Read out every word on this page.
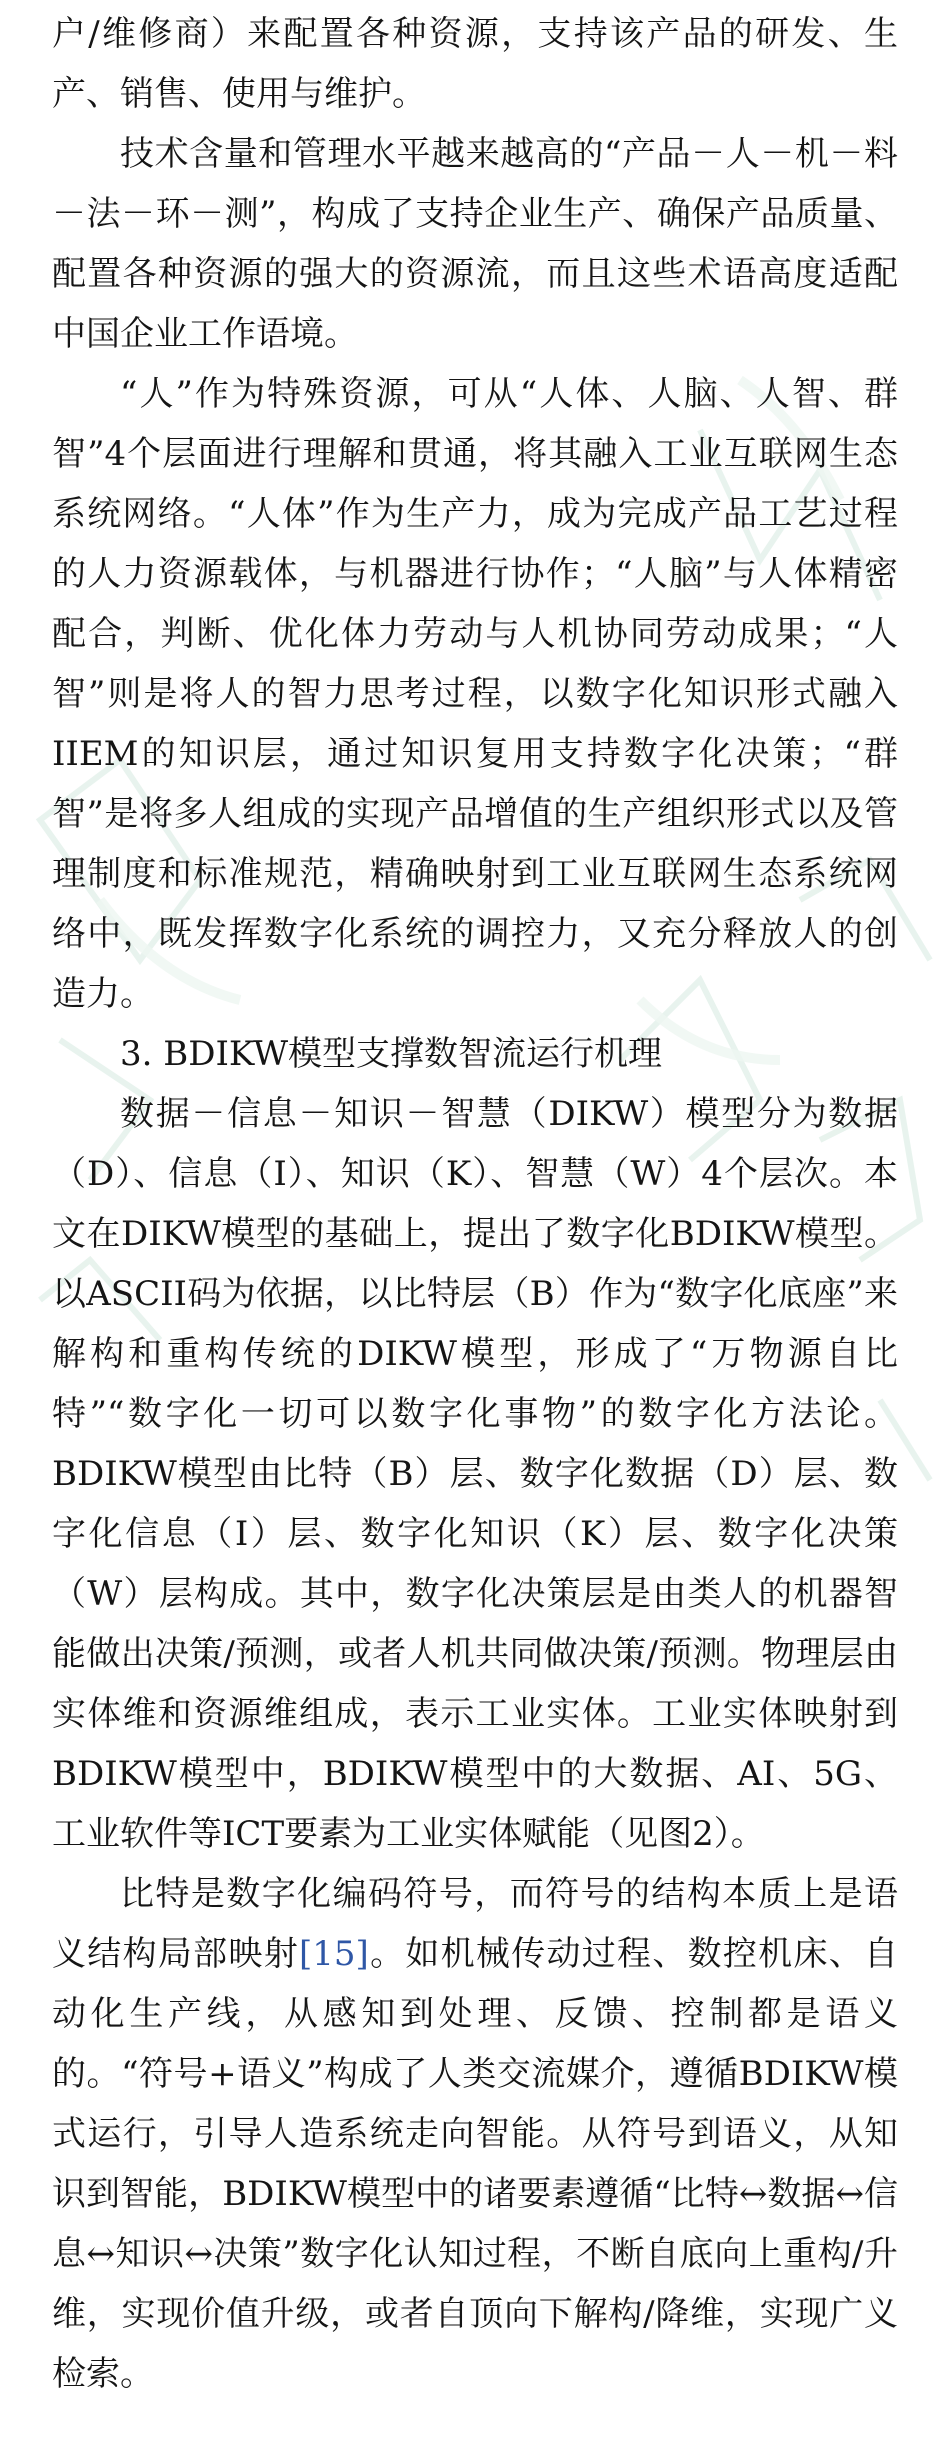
户/维修商）来配置各种资源，支持该产品的研发、生产、销售、使用与维护。

技术含量和管理水平越来越高的“产品－人－机－料－法－环－测”，构成了支持企业生产、确保产品质量、配置各种资源的强大的资源流，而且这些术语高度适配中国企业工作语境。

“人”作为特殊资源，可从“人体、人脑、人智、群智”4个层面进行理解和贯通，将其融入工业互联网生态系统网络。“人体”作为生产力，成为完成产品工艺过程的人力资源载体，与机器进行协作；“人脑”与人体精密配合，判断、优化体力劳动与人机协同劳动成果；“人智”则是将人的智力思考过程，以数字化知识形式融入IIEM的知识层，通过知识复用支持数字化决策；“群智”是将多人组成的实现产品增值的生产组织形式以及管理制度和标准规范，精确映射到工业互联网生态系统网络中，既发挥数字化系统的调控力，又充分释放人的创造力。

3. BDIKW模型支撑数智流运行机理

数据－信息－知识－智慧（DIKW）模型分为数据（D）、信息（I）、知识（K）、智慧（W）4个层次。本文在DIKW模型的基础上，提出了数字化BDIKW模型。以ASCII码为依据，以比特层（B）作为“数字化底座”来解构和重构传统的DIKW模型，形成了“万物源自比特”“数字化一切可以数字化事物”的数字化方法论。BDIKW模型由比特（B）层、数字化数据（D）层、数字化信息（I）层、数字化知识（K）层、数字化决策（W）层构成。其中，数字化决策层是由类人的机器智能做出决策/预测，或者人机共同做决策/预测。物理层由实体维和资源维组成，表示工业实体。工业实体映射到BDIKW模型中，BDIKW模型中的大数据、AI、5G、工业软件等ICT要素为工业实体赋能（见图2）。

比特是数字化编码符号，而符号的结构本质上是语义结构局部映射[15]。如机械传动过程、数控机床、自动化生产线，从感知到处理、反馈、控制都是语义的。“符号+语义”构成了人类交流媒介，遵循BDIKW模式运行，引导人造系统走向智能。从符号到语义，从知识到智能，BDIKW模型中的诸要素遵循“比特↔数据↔信息↔知识↔决策”数字化认知过程，不断自底向上重构/升维，实现价值升级，或者自顶向下解构/降维，实现广义检索。
